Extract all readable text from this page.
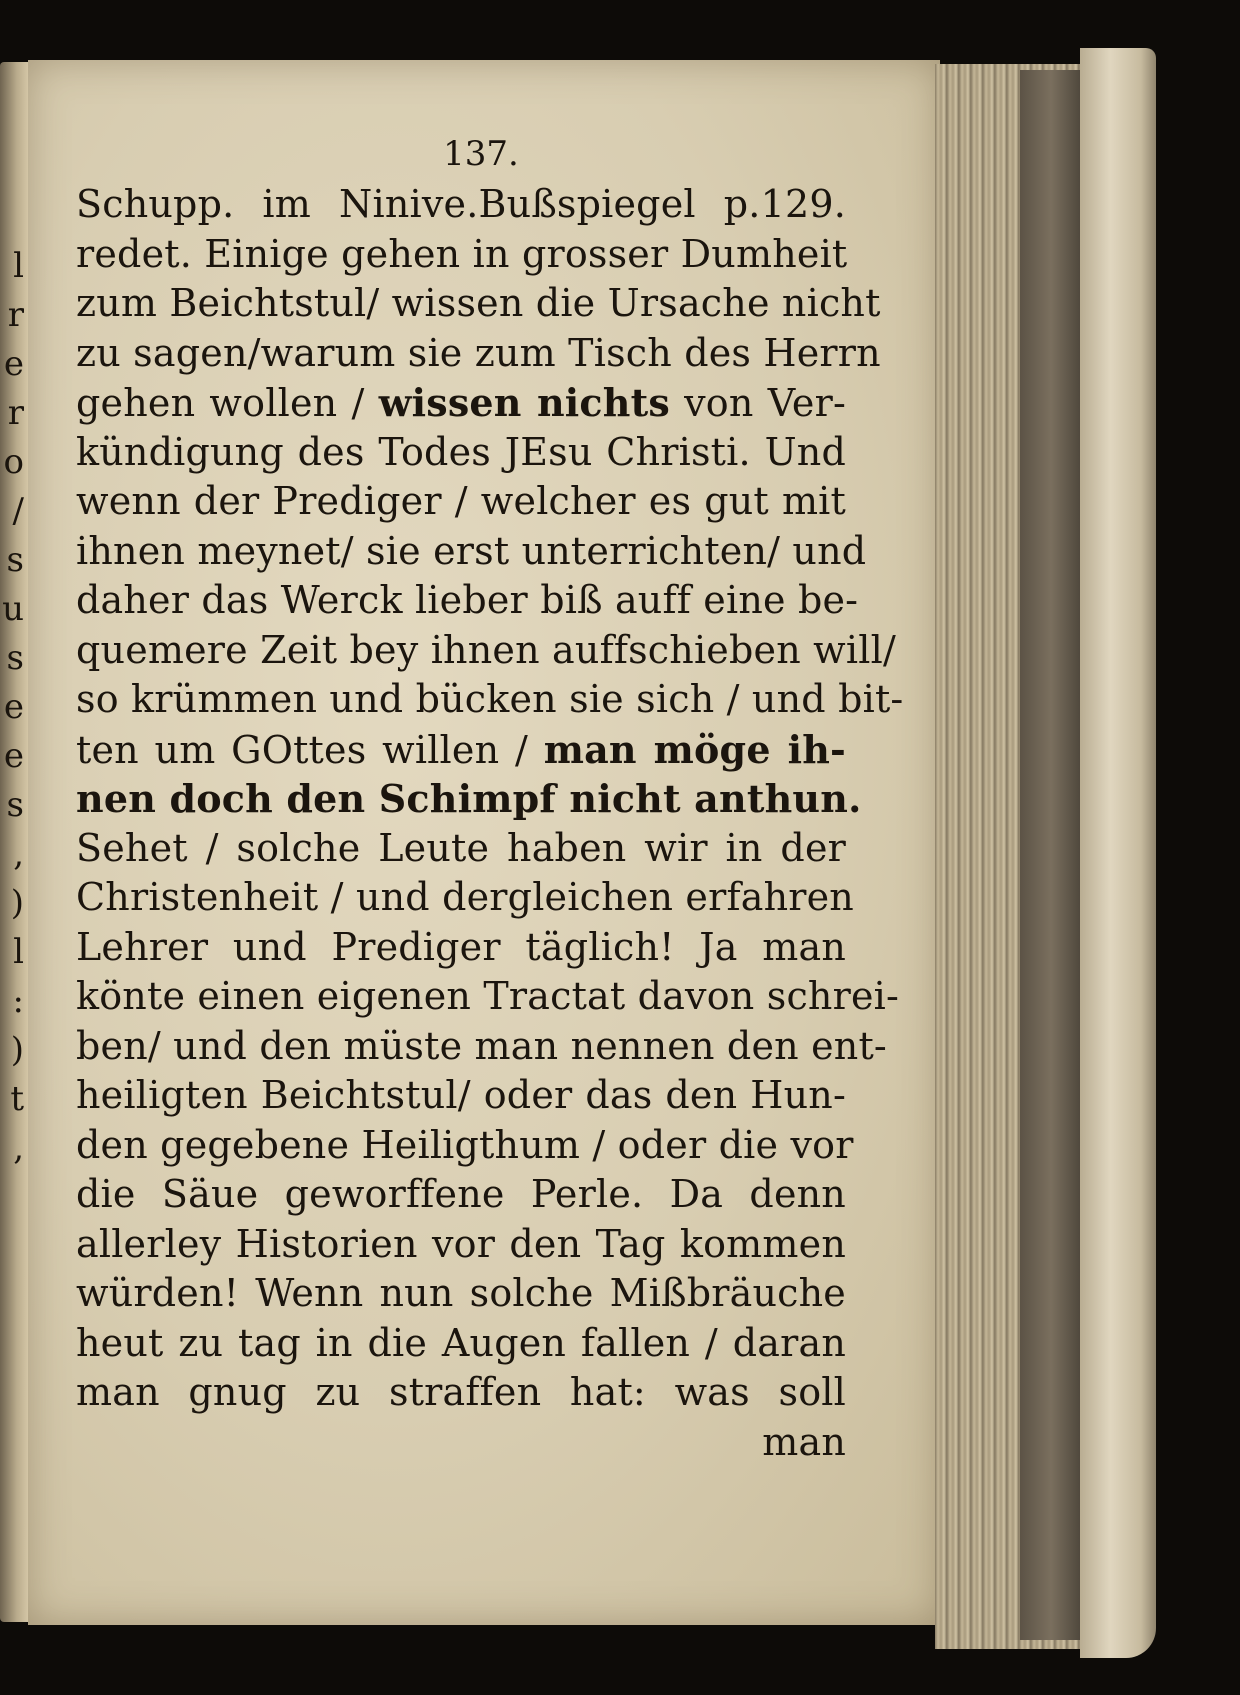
l
r
e
r
o
/
s
u
s
e
e
s
,
)
l
:
)
t
,
137.
Schupp. im Ninive.Bußspiegel p.129.
redet. Einige gehen in grosser Dumheit
zum Beichtstul/ wissen die Ursache nicht
zu sagen/warum sie zum Tisch des Herrn
gehen wollen / wissen nichts von Ver-
kündigung des Todes JEsu Christi. Und
wenn der Prediger / welcher es gut mit
ihnen meynet/ sie erst unterrichten/ und
daher das Werck lieber biß auff eine be-
quemere Zeit bey ihnen auffschieben will/
so krümmen und bücken sie sich / und bit-
ten um GOttes willen / man möge ih-
nen doch den Schimpf nicht anthun.
Sehet / solche Leute haben wir in der
Christenheit / und dergleichen erfahren
Lehrer und Prediger täglich! Ja man
könte einen eigenen Tractat davon schrei-
ben/ und den müste man nennen den ent-
heiligten Beichtstul/ oder das den Hun-
den gegebene Heiligthum / oder die vor
die Säue geworffene Perle. Da denn
allerley Historien vor den Tag kommen
würden! Wenn nun solche Mißbräuche
heut zu tag in die Augen fallen / daran
man gnug zu straffen hat: was soll
man
